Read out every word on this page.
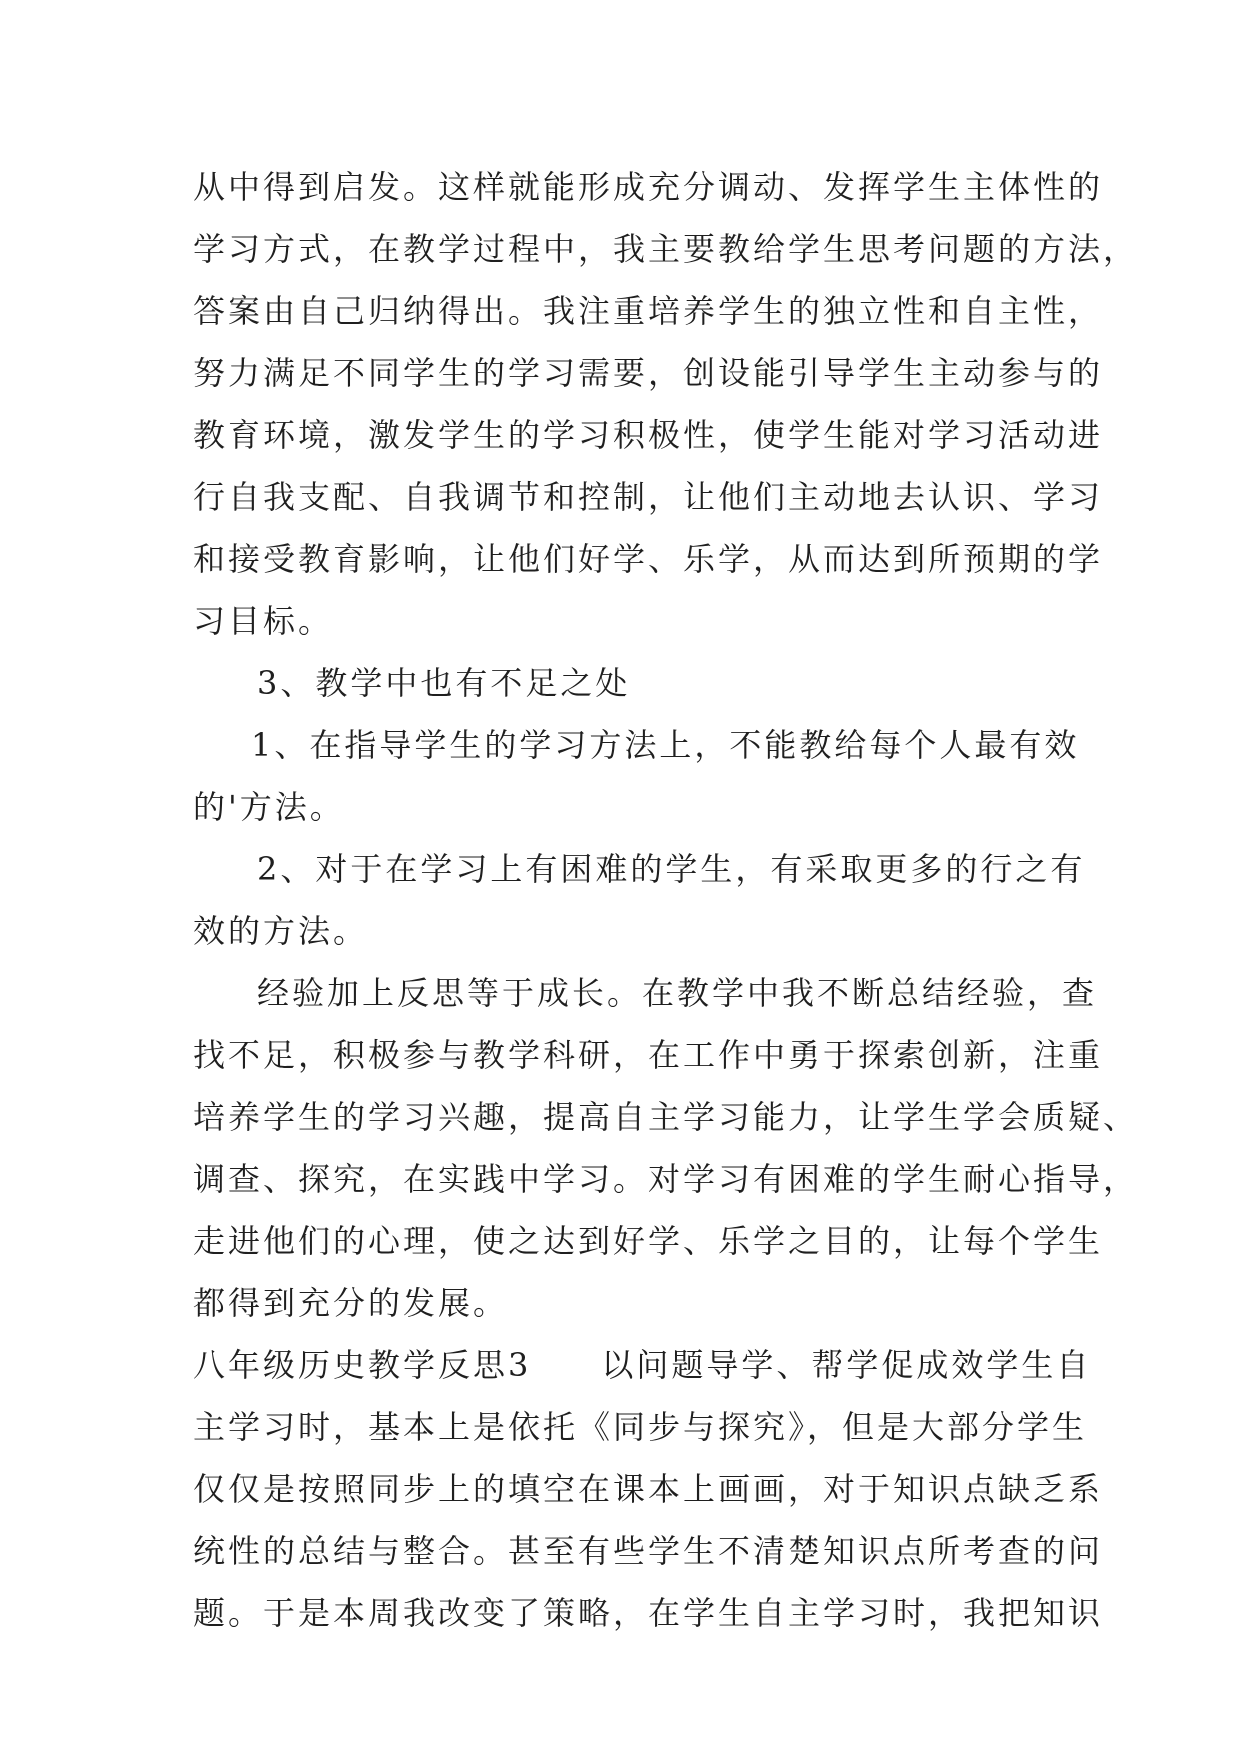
从中得到启发。这样就能形成充分调动、发挥学生主体性的
学习方式，在教学过程中，我主要教给学生思考问题的方法，
答案由自己归纳得出。我注重培养学生的独立性和自主性，
努力满足不同学生的学习需要，创设能引导学生主动参与的
教育环境，激发学生的学习积极性，使学生能对学习活动进
行自我支配、自我调节和控制，让他们主动地去认识、学习
和接受教育影响，让他们好学、乐学，从而达到所预期的学
习目标。
3、教学中也有不足之处
1、在指导学生的学习方法上，不能教给每个人最有效
的'方法。
2、对于在学习上有困难的学生，有采取更多的行之有
效的方法。
经验加上反思等于成长。在教学中我不断总结经验，查
找不足，积极参与教学科研，在工作中勇于探索创新，注重
培养学生的学习兴趣，提高自主学习能力，让学生学会质疑、
调查、探究，在实践中学习。对学习有困难的学生耐心指导，
走进他们的心理，使之达到好学、乐学之目的，让每个学生
都得到充分的发展。
八年级历史教学反思3　　以问题导学、帮学促成效学生自
主学习时，基本上是依托《同步与探究》，但是大部分学生
仅仅是按照同步上的填空在课本上画画，对于知识点缺乏系
统性的总结与整合。甚至有些学生不清楚知识点所考查的问
题。于是本周我改变了策略，在学生自主学习时，我把知识
